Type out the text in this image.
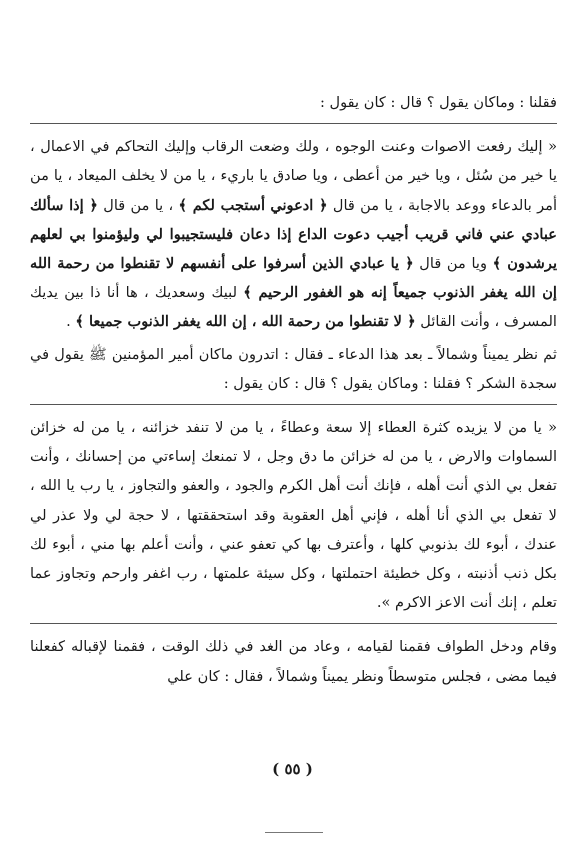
فقلنا : وماكان يقول ؟ قال : كان يقول :

« إليك رفعت الاصوات وعنت الوجوه ، ولك وضعت الرقاب وإليك التحاكم في الاعمال ، يا خير من سُئل ، ويا خير من أعطى ، ويا صادق يا باريء ، يا من لا يخلف الميعاد ، يا من أمر بالدعاء ووعد بالاجابة ، يا من قال ﴿ ادعوني أستجب لكم ﴾ ، يا من قال ﴿ إذا سألك عبادي عني فاني قريب أجيب دعوت الداع إذا دعان فليستجيبوا لي وليؤمنوا بي لعلهم يرشدون ﴾ ويا من قال ﴿ يا عبادي الذين أسرفوا على أنفسهم لا تقنطوا من رحمة الله إن الله يغفر الذنوب جميعاً إنه هو الغفور الرحيم ﴾ لبيك وسعديك ، ها أنا ذا بين يديك المسرف ، وأنت القائل ﴿ لا تقنطوا من رحمة الله ، إن الله يغفر الذنوب جميعا ﴾ .

ثم نظر يميناً وشمالاً ـ بعد هذا الدعاء ـ فقال : اتدرون ماكان أمير المؤمنين ﷺ يقول في سجدة الشكر ؟ فقلنا : وماكان يقول ؟ قال : كان يقول :

« يا من لا يزيده كثرة العطاء إلا سعة وعطاءً ، يا من لا تنفد خزائنه ، يا من له خزائن السماوات والارض ، يا من له خزائن ما دق وجل ، لا تمنعك إساءتي من إحسانك ، وأنت تفعل بي الذي أنت أهله ، فإنك أنت أهل الكرم والجود ، والعفو والتجاوز ، يا رب يا الله ، لا تفعل بي الذي أنا أهله ، فإني أهل العقوبة وقد استحققتها ، لا حجة لي ولا عذر لي عندك ، أبوء لك بذنوبي كلها ، وأعترف بها كي تعفو عني ، وأنت أعلم بها مني ، أبوء لك بكل ذنب أذنبته ، وكل خطيئة احتملتها ، وكل سيئة علمتها ، رب اغفر وارحم وتجاوز عما تعلم ، إنك أنت الاعز الاكرم ».

وقام ودخل الطواف فقمنا لقيامه ، وعاد من الغد في ذلك الوقت ، فقمنا لإقباله كفعلنا فيما مضى ، فجلس متوسطاً ونظر يميناً وشمالاً ، فقال : كان علي

( ٥٥ )
